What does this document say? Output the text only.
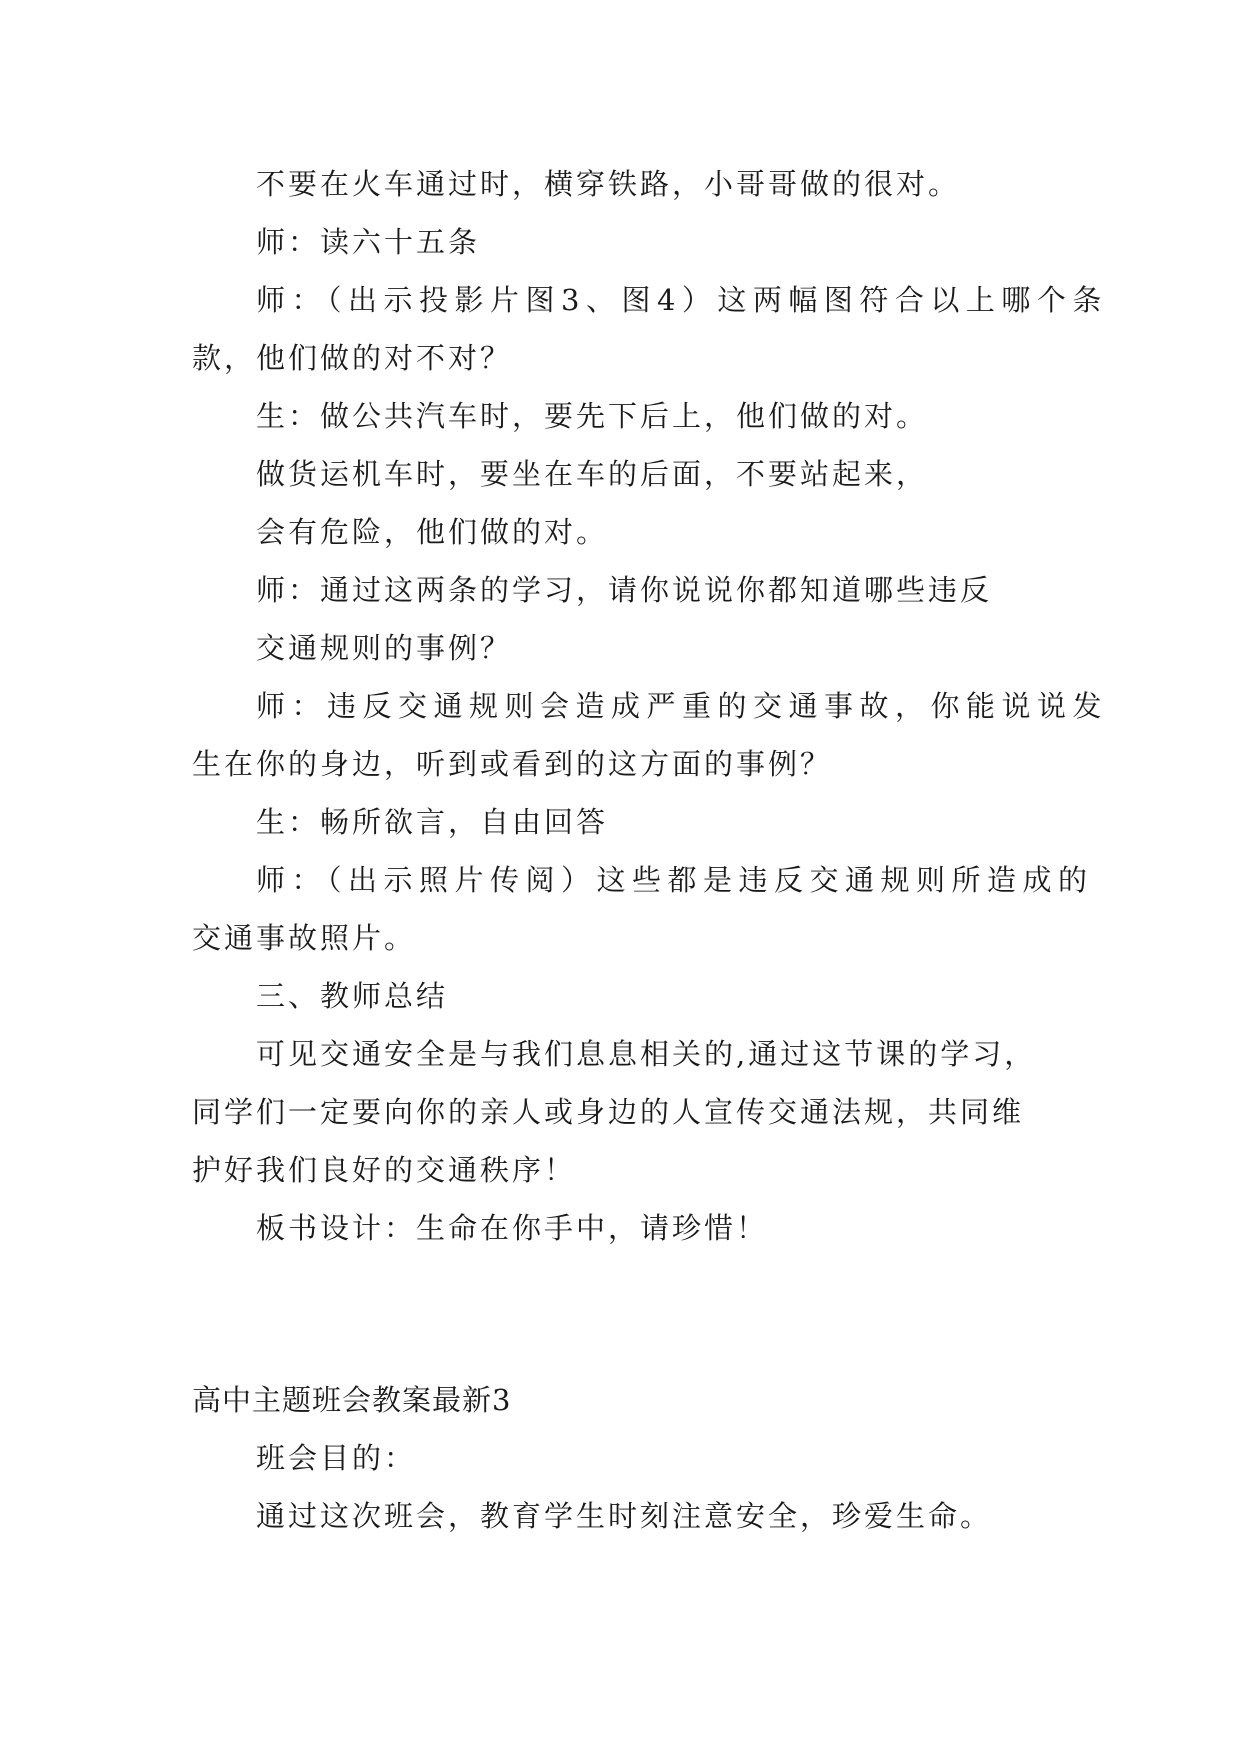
不要在火车通过时，横穿铁路，小哥哥做的很对。

师：读六十五条

师：（出示投影片图3、图4）这两幅图符合以上哪个条

款，他们做的对不对？

生：做公共汽车时，要先下后上，他们做的对。

做货运机车时，要坐在车的后面，不要站起来，

会有危险，他们做的对。

师：通过这两条的学习，请你说说你都知道哪些违反

交通规则的事例？

师：违反交通规则会造成严重的交通事故，你能说说发

生在你的身边，听到或看到的这方面的事例？

生：畅所欲言，自由回答

师：（出示照片传阅）这些都是违反交通规则所造成的

交通事故照片。

三、教师总结

可见交通安全是与我们息息相关的,通过这节课的学习，

同学们一定要向你的亲人或身边的人宣传交通法规，共同维

护好我们良好的交通秩序！

板书设计：生命在你手中，请珍惜！

高中主题班会教案最新3

班会目的：

通过这次班会，教育学生时刻注意安全，珍爱生命。
